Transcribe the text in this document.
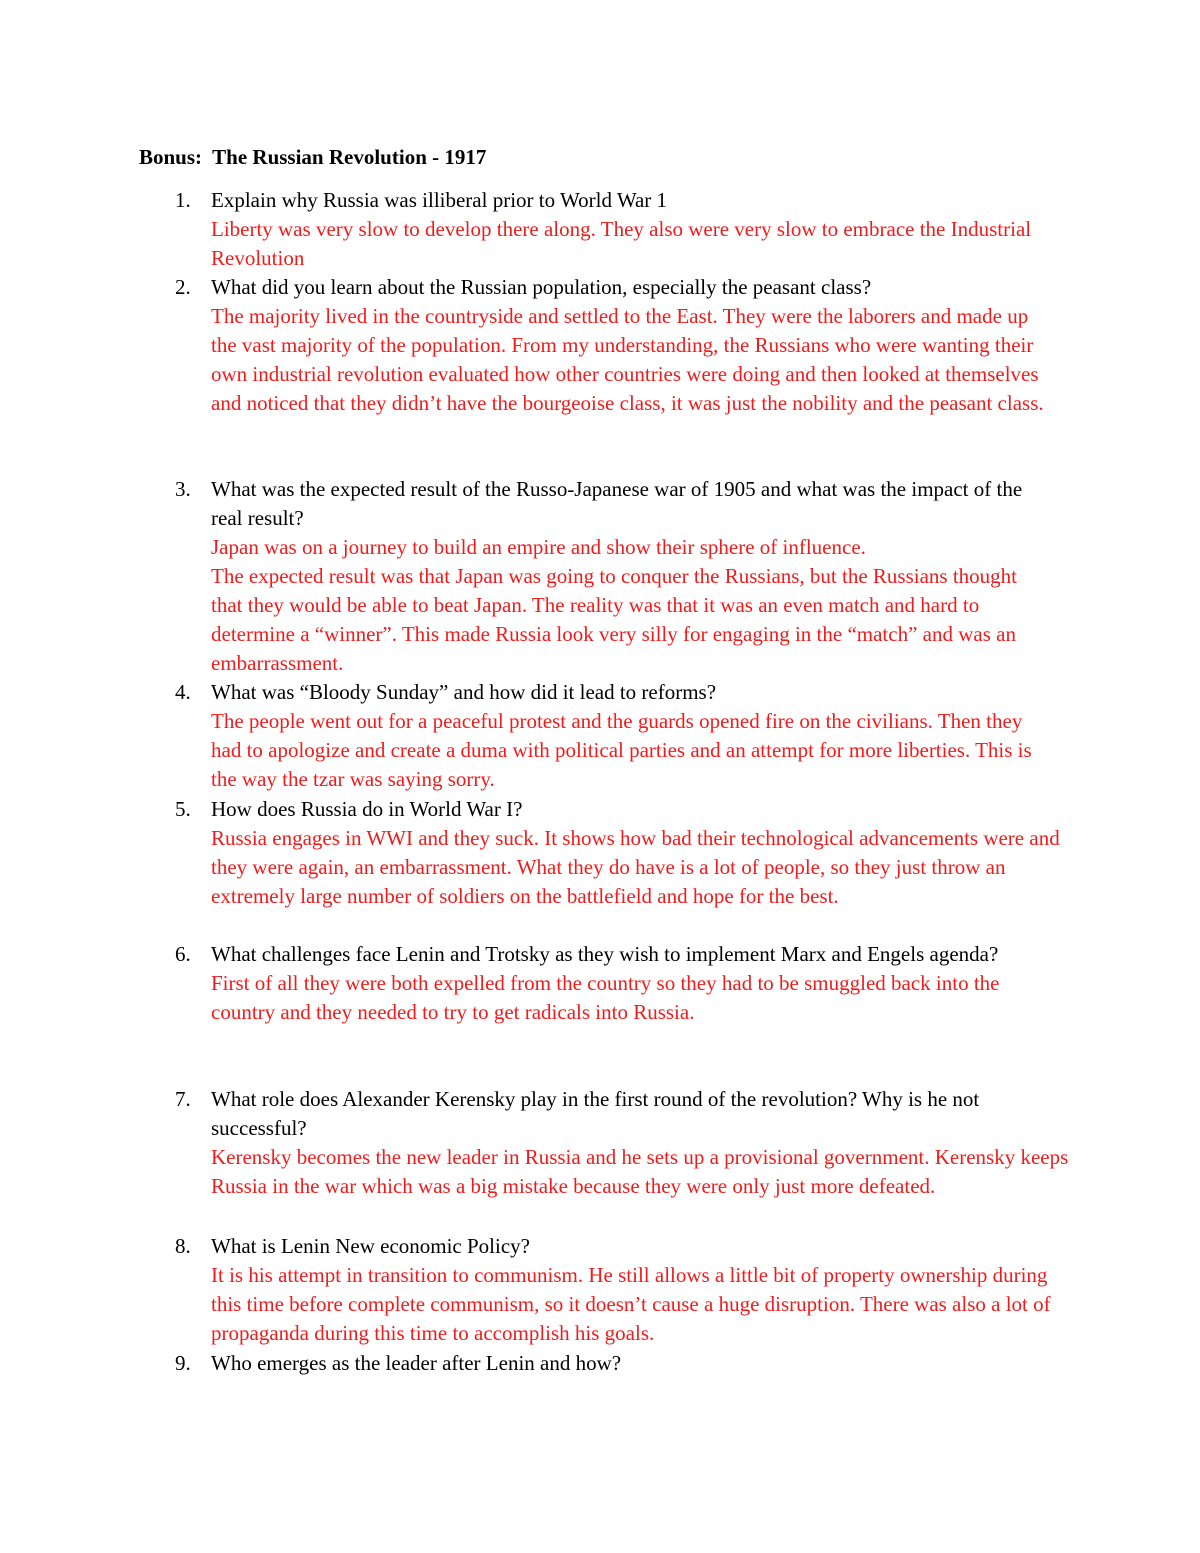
Bonus:  The Russian Revolution - 1917
1. Explain why Russia was illiberal prior to World War 1
Liberty was very slow to develop there along. They also were very slow to embrace the Industrial Revolution
2. What did you learn about the Russian population, especially the peasant class?
The majority lived in the countryside and settled to the East. They were the laborers and made up the vast majority of the population. From my understanding, the Russians who were wanting their own industrial revolution evaluated how other countries were doing and then looked at themselves and noticed that they didn’t have the bourgeoise class, it was just the nobility and the peasant class.
3. What was the expected result of the Russo-Japanese war of 1905 and what was the impact of the real result?
Japan was on a journey to build an empire and show their sphere of influence.
The expected result was that Japan was going to conquer the Russians, but the Russians thought that they would be able to beat Japan. The reality was that it was an even match and hard to determine a “winner”. This made Russia look very silly for engaging in the “match” and was an embarrassment.
4. What was “Bloody Sunday” and how did it lead to reforms?
The people went out for a peaceful protest and the guards opened fire on the civilians. Then they had to apologize and create a duma with political parties and an attempt for more liberties. This is the way the tzar was saying sorry.
5. How does Russia do in World War I?
Russia engages in WWI and they suck. It shows how bad their technological advancements were and they were again, an embarrassment. What they do have is a lot of people, so they just throw an extremely large number of soldiers on the battlefield and hope for the best.
6. What challenges face Lenin and Trotsky as they wish to implement Marx and Engels agenda?
First of all they were both expelled from the country so they had to be smuggled back into the country and they needed to try to get radicals into Russia.
7. What role does Alexander Kerensky play in the first round of the revolution? Why is he not successful?
Kerensky becomes the new leader in Russia and he sets up a provisional government. Kerensky keeps Russia in the war which was a big mistake because they were only just more defeated.
8. What is Lenin New economic Policy?
It is his attempt in transition to communism. He still allows a little bit of property ownership during this time before complete communism, so it doesn’t cause a huge disruption. There was also a lot of propaganda during this time to accomplish his goals.
9. Who emerges as the leader after Lenin and how?
